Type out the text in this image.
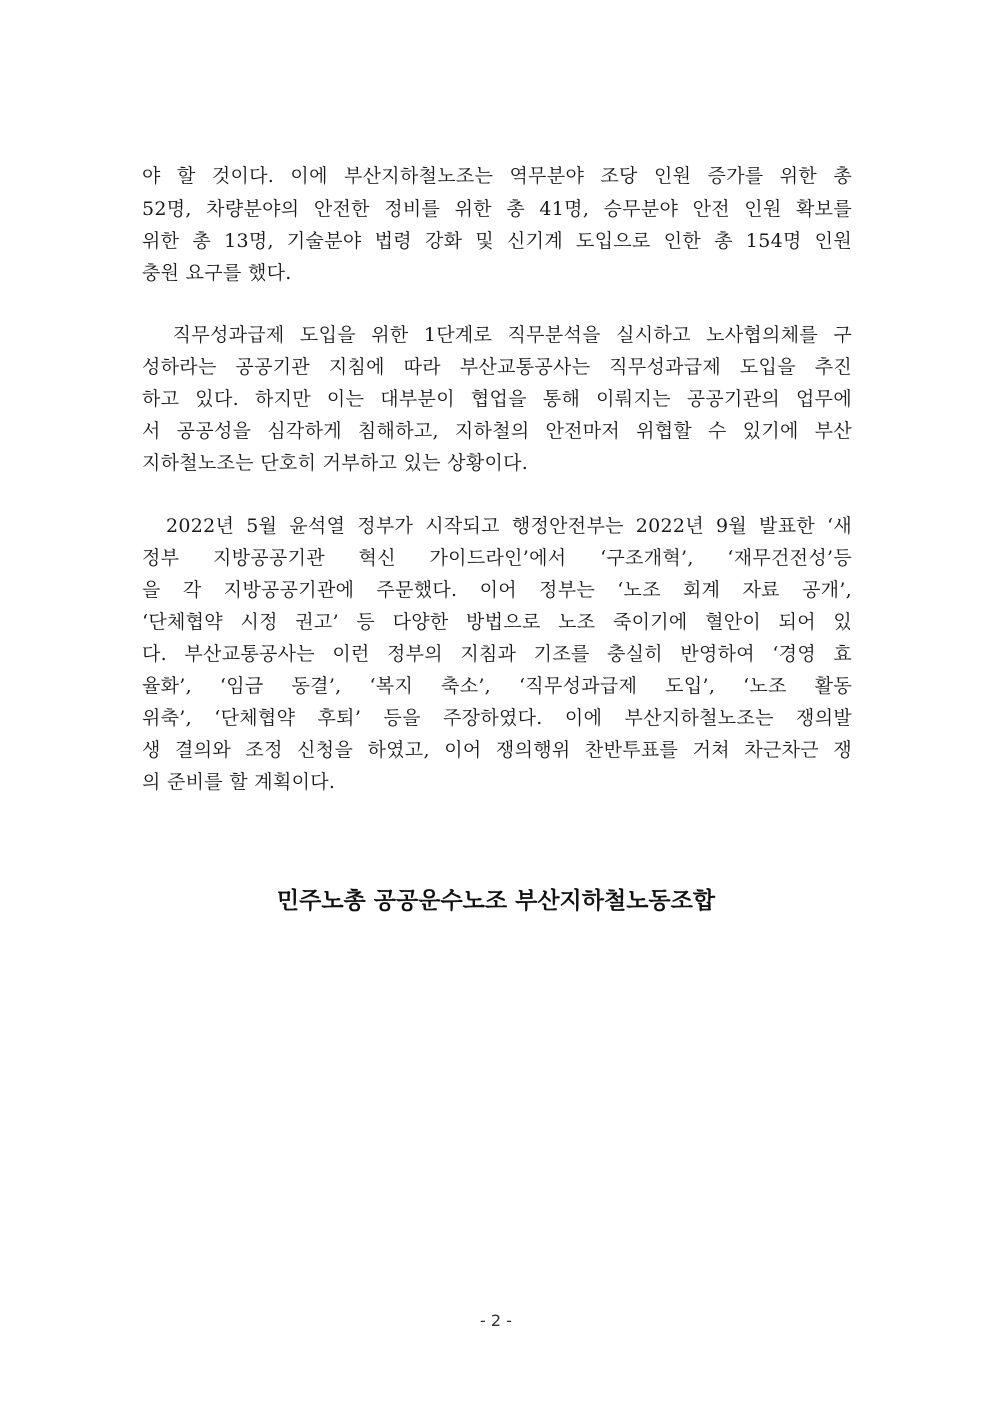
야 할 것이다. 이에 부산지하철노조는 역무분야 조당 인원 증가를 위한 총
52명, 차량분야의 안전한 정비를 위한 총 41명, 승무분야 안전 인원 확보를
위한 총 13명, 기술분야 법령 강화 및 신기계 도입으로 인한 총 154명 인원
충원 요구를 했다.
직무성과급제 도입을 위한 1단계로 직무분석을 실시하고 노사협의체를 구
성하라는 공공기관 지침에 따라 부산교통공사는 직무성과급제 도입을 추진
하고 있다. 하지만 이는 대부분이 협업을 통해 이뤄지는 공공기관의 업무에
서 공공성을 심각하게 침해하고, 지하철의 안전마저 위협할 수 있기에 부산
지하철노조는 단호히 거부하고 있는 상황이다.
2022년 5월 윤석열 정부가 시작되고 행정안전부는 2022년 9월 발표한 ‘새
정부 지방공공기관 혁신 가이드라인’에서 ‘구조개혁’, ‘재무건전성’등
을 각 지방공공기관에 주문했다. 이어 정부는 ‘노조 회계 자료 공개’,
‘단체협약 시정 권고’ 등 다양한 방법으로 노조 죽이기에 혈안이 되어 있
다. 부산교통공사는 이런 정부의 지침과 기조를 충실히 반영하여 ‘경영 효
율화’, ‘임금 동결’, ‘복지 축소’, ‘직무성과급제 도입’, ‘노조 활동
위축’, ‘단체협약 후퇴’ 등을 주장하였다. 이에 부산지하철노조는 쟁의발
생 결의와 조정 신청을 하였고, 이어 쟁의행위 찬반투표를 거쳐 차근차근 쟁
의 준비를 할 계획이다.
민주노총 공공운수노조 부산지하철노동조합
- 2 -
